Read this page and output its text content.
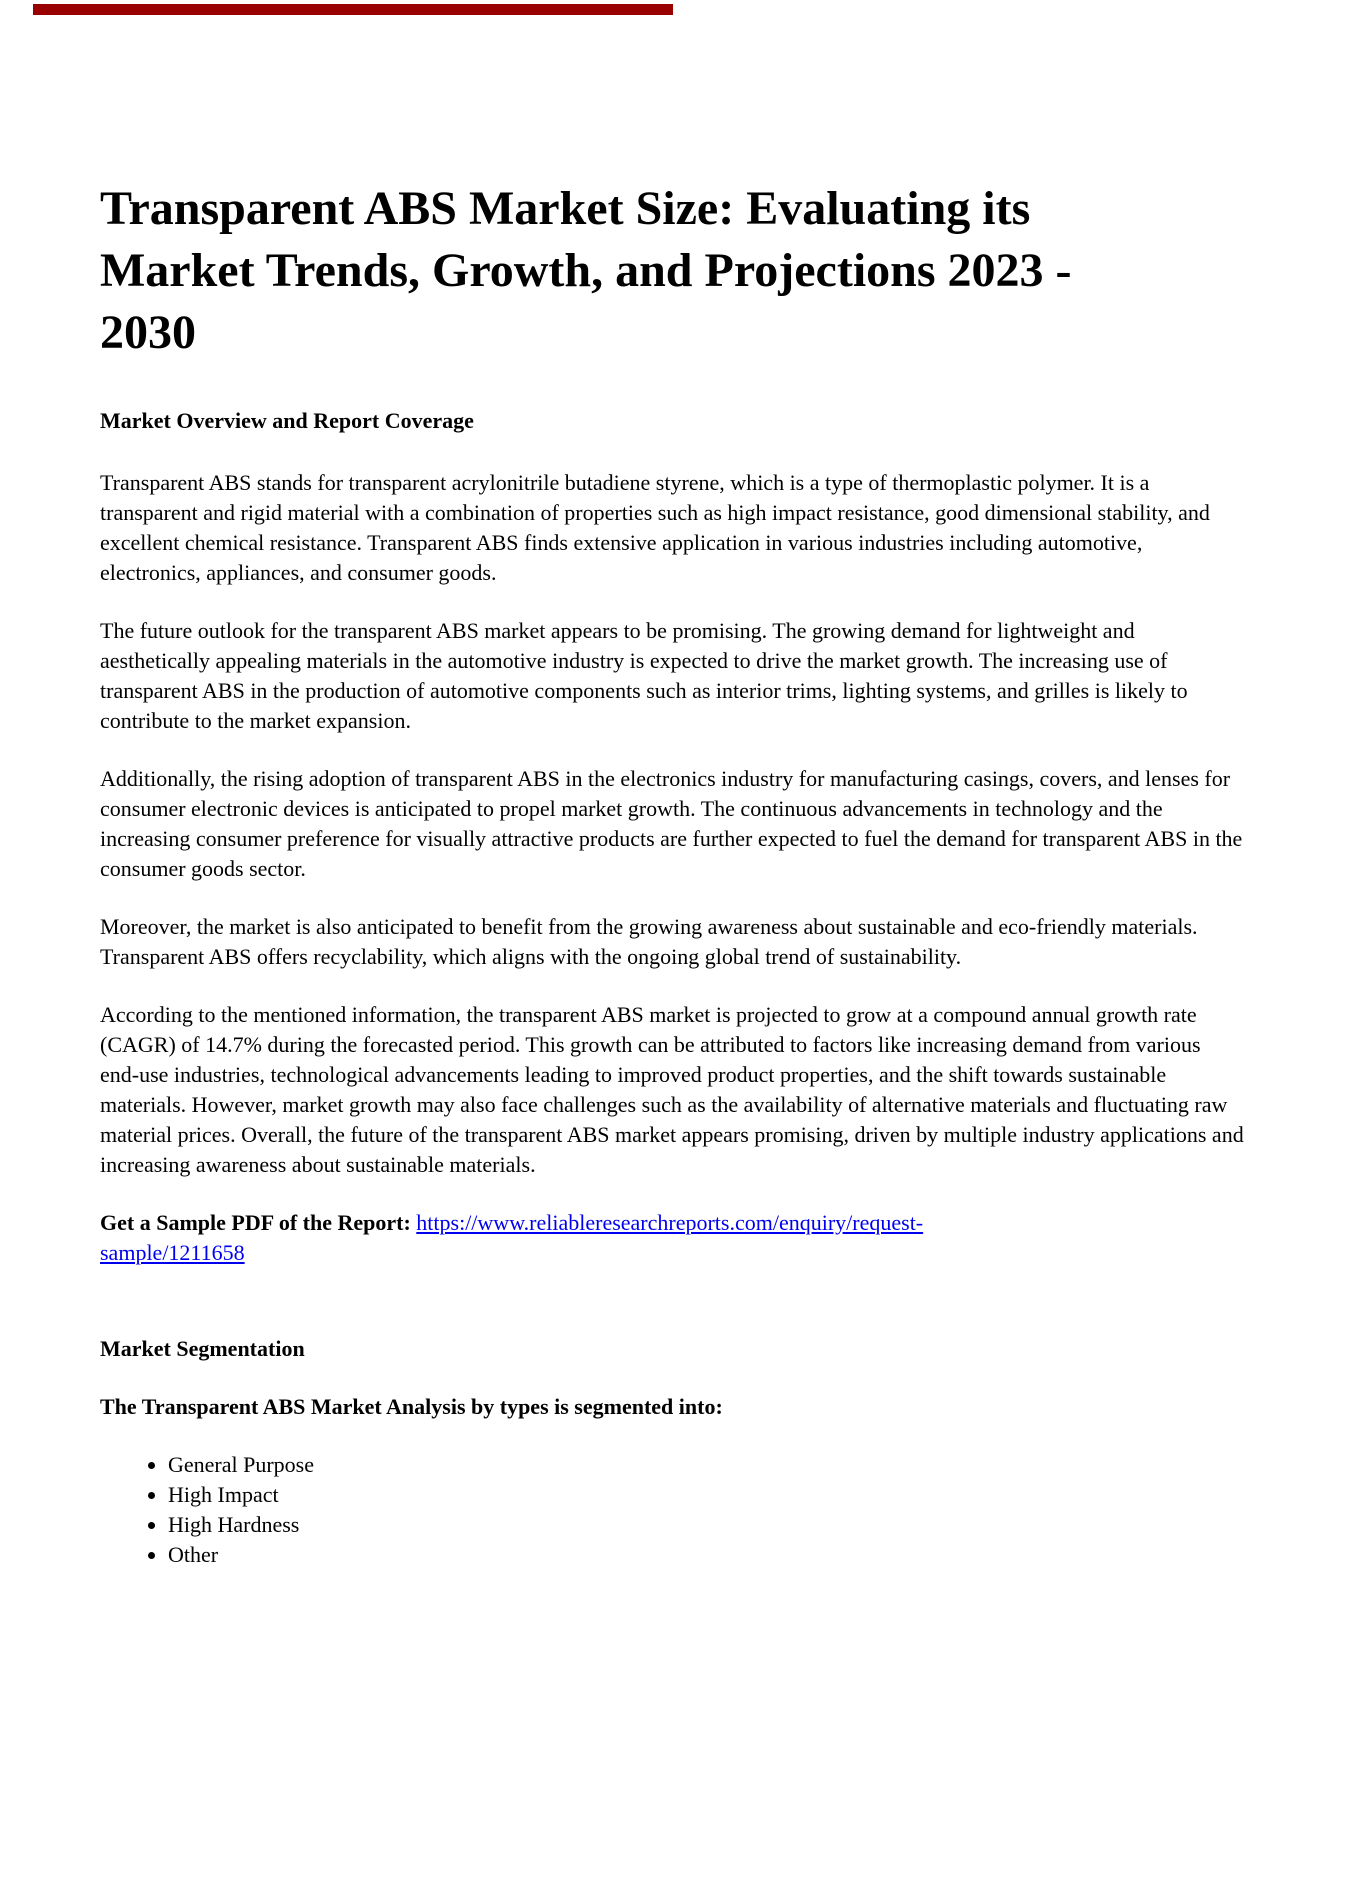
Transparent ABS Market Size: Evaluating its
Market Trends, Growth, and Projections 2023 -
2030
Market Overview and Report Coverage

Transparent ABS stands for transparent acrylonitrile butadiene styrene, which is a type of thermoplastic polymer. It is a transparent and rigid material with a combination of properties such as high impact resistance, good dimensional stability, and excellent chemical resistance. Transparent ABS finds extensive application in various industries including automotive, electronics, appliances, and consumer goods.

The future outlook for the transparent ABS market appears to be promising. The growing demand for lightweight and aesthetically appealing materials in the automotive industry is expected to drive the market growth. The increasing use of transparent ABS in the production of automotive components such as interior trims, lighting systems, and grilles is likely to contribute to the market expansion.

Additionally, the rising adoption of transparent ABS in the electronics industry for manufacturing casings, covers, and lenses for consumer electronic devices is anticipated to propel market growth. The continuous advancements in technology and the increasing consumer preference for visually attractive products are further expected to fuel the demand for transparent ABS in the consumer goods sector.

Moreover, the market is also anticipated to benefit from the growing awareness about sustainable and eco-friendly materials. Transparent ABS offers recyclability, which aligns with the ongoing global trend of sustainability.

According to the mentioned information, the transparent ABS market is projected to grow at a compound annual growth rate (CAGR) of 14.7% during the forecasted period. This growth can be attributed to factors like increasing demand from various end-use industries, technological advancements leading to improved product properties, and the shift towards sustainable materials. However, market growth may also face challenges such as the availability of alternative materials and fluctuating raw material prices. Overall, the future of the transparent ABS market appears promising, driven by multiple industry applications and increasing awareness about sustainable materials.

Get a Sample PDF of the Report: https://www.reliableresearchreports.com/enquiry/request-
sample/1211658

Market Segmentation
The Transparent ABS Market Analysis by types is segmented into:
• General Purpose
• High Impact
• High Hardness
• Other
